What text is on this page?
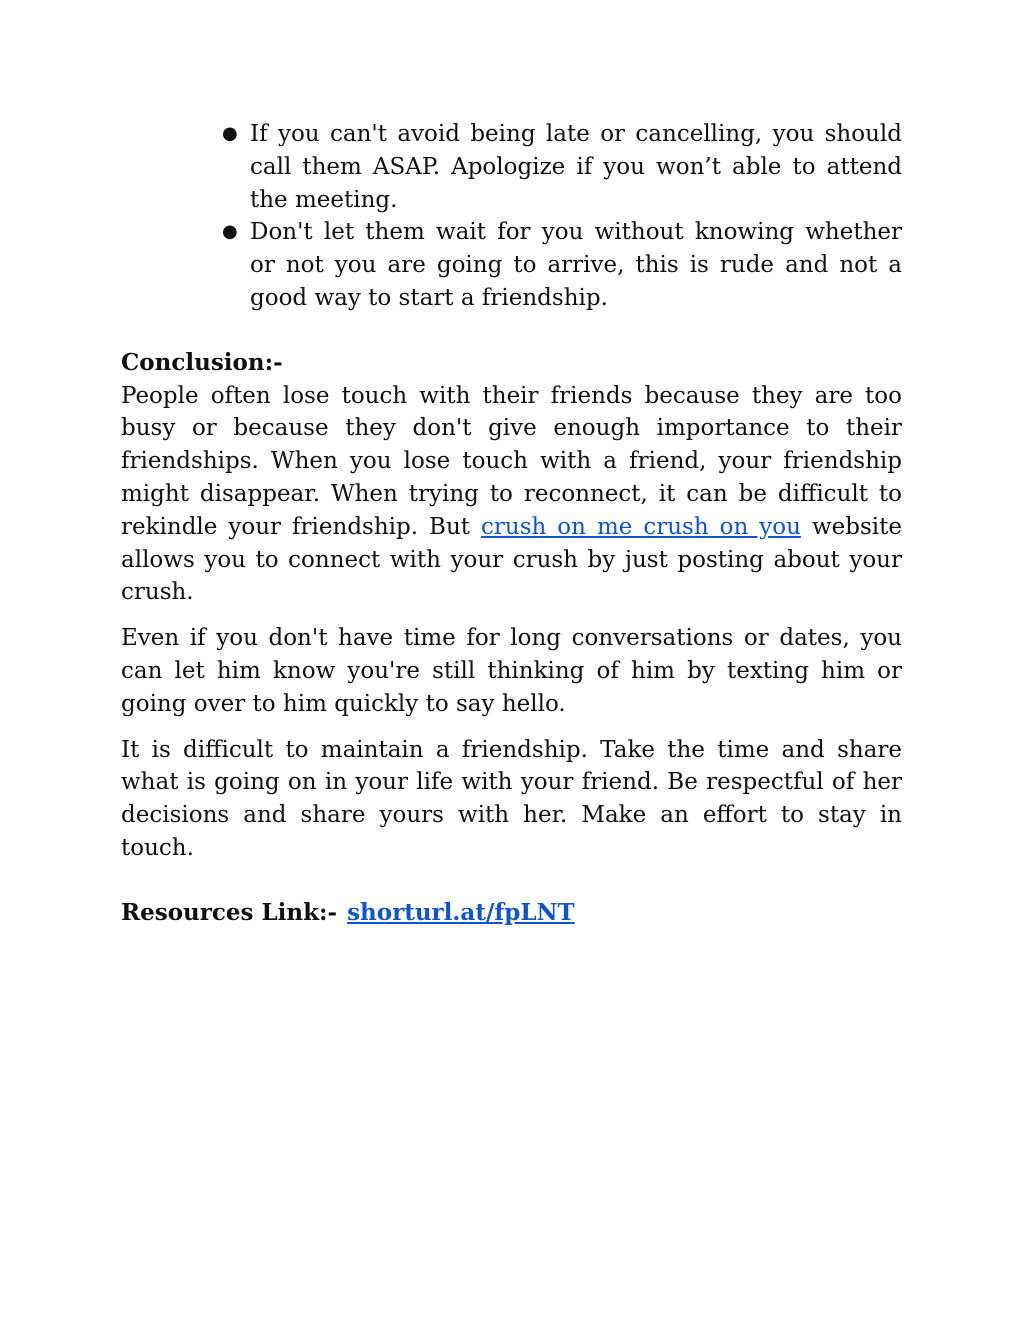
● If you can't avoid being late or cancelling, you should call them ASAP. Apologize if you won’t able to attend the meeting.
● Don't let them wait for you without knowing whether or not you are going to arrive, this is rude and not a good way to start a friendship.
Conclusion:-

People often lose touch with their friends because they are too busy or because they don't give enough importance to their friendships. When you lose touch with a friend, your friendship might disappear. When trying to reconnect, it can be difficult to rekindle your friendship. But crush on me crush on you website allows you to connect with your crush by just posting about your crush.

Even if you don't have time for long conversations or dates, you can let him know you're still thinking of him by texting him or going over to him quickly to say hello.

It is difficult to maintain a friendship. Take the time and share what is going on in your life with your friend. Be respectful of her decisions and share yours with her. Make an effort to stay in touch.

Resources Link:- shorturl.at/fpLNT
